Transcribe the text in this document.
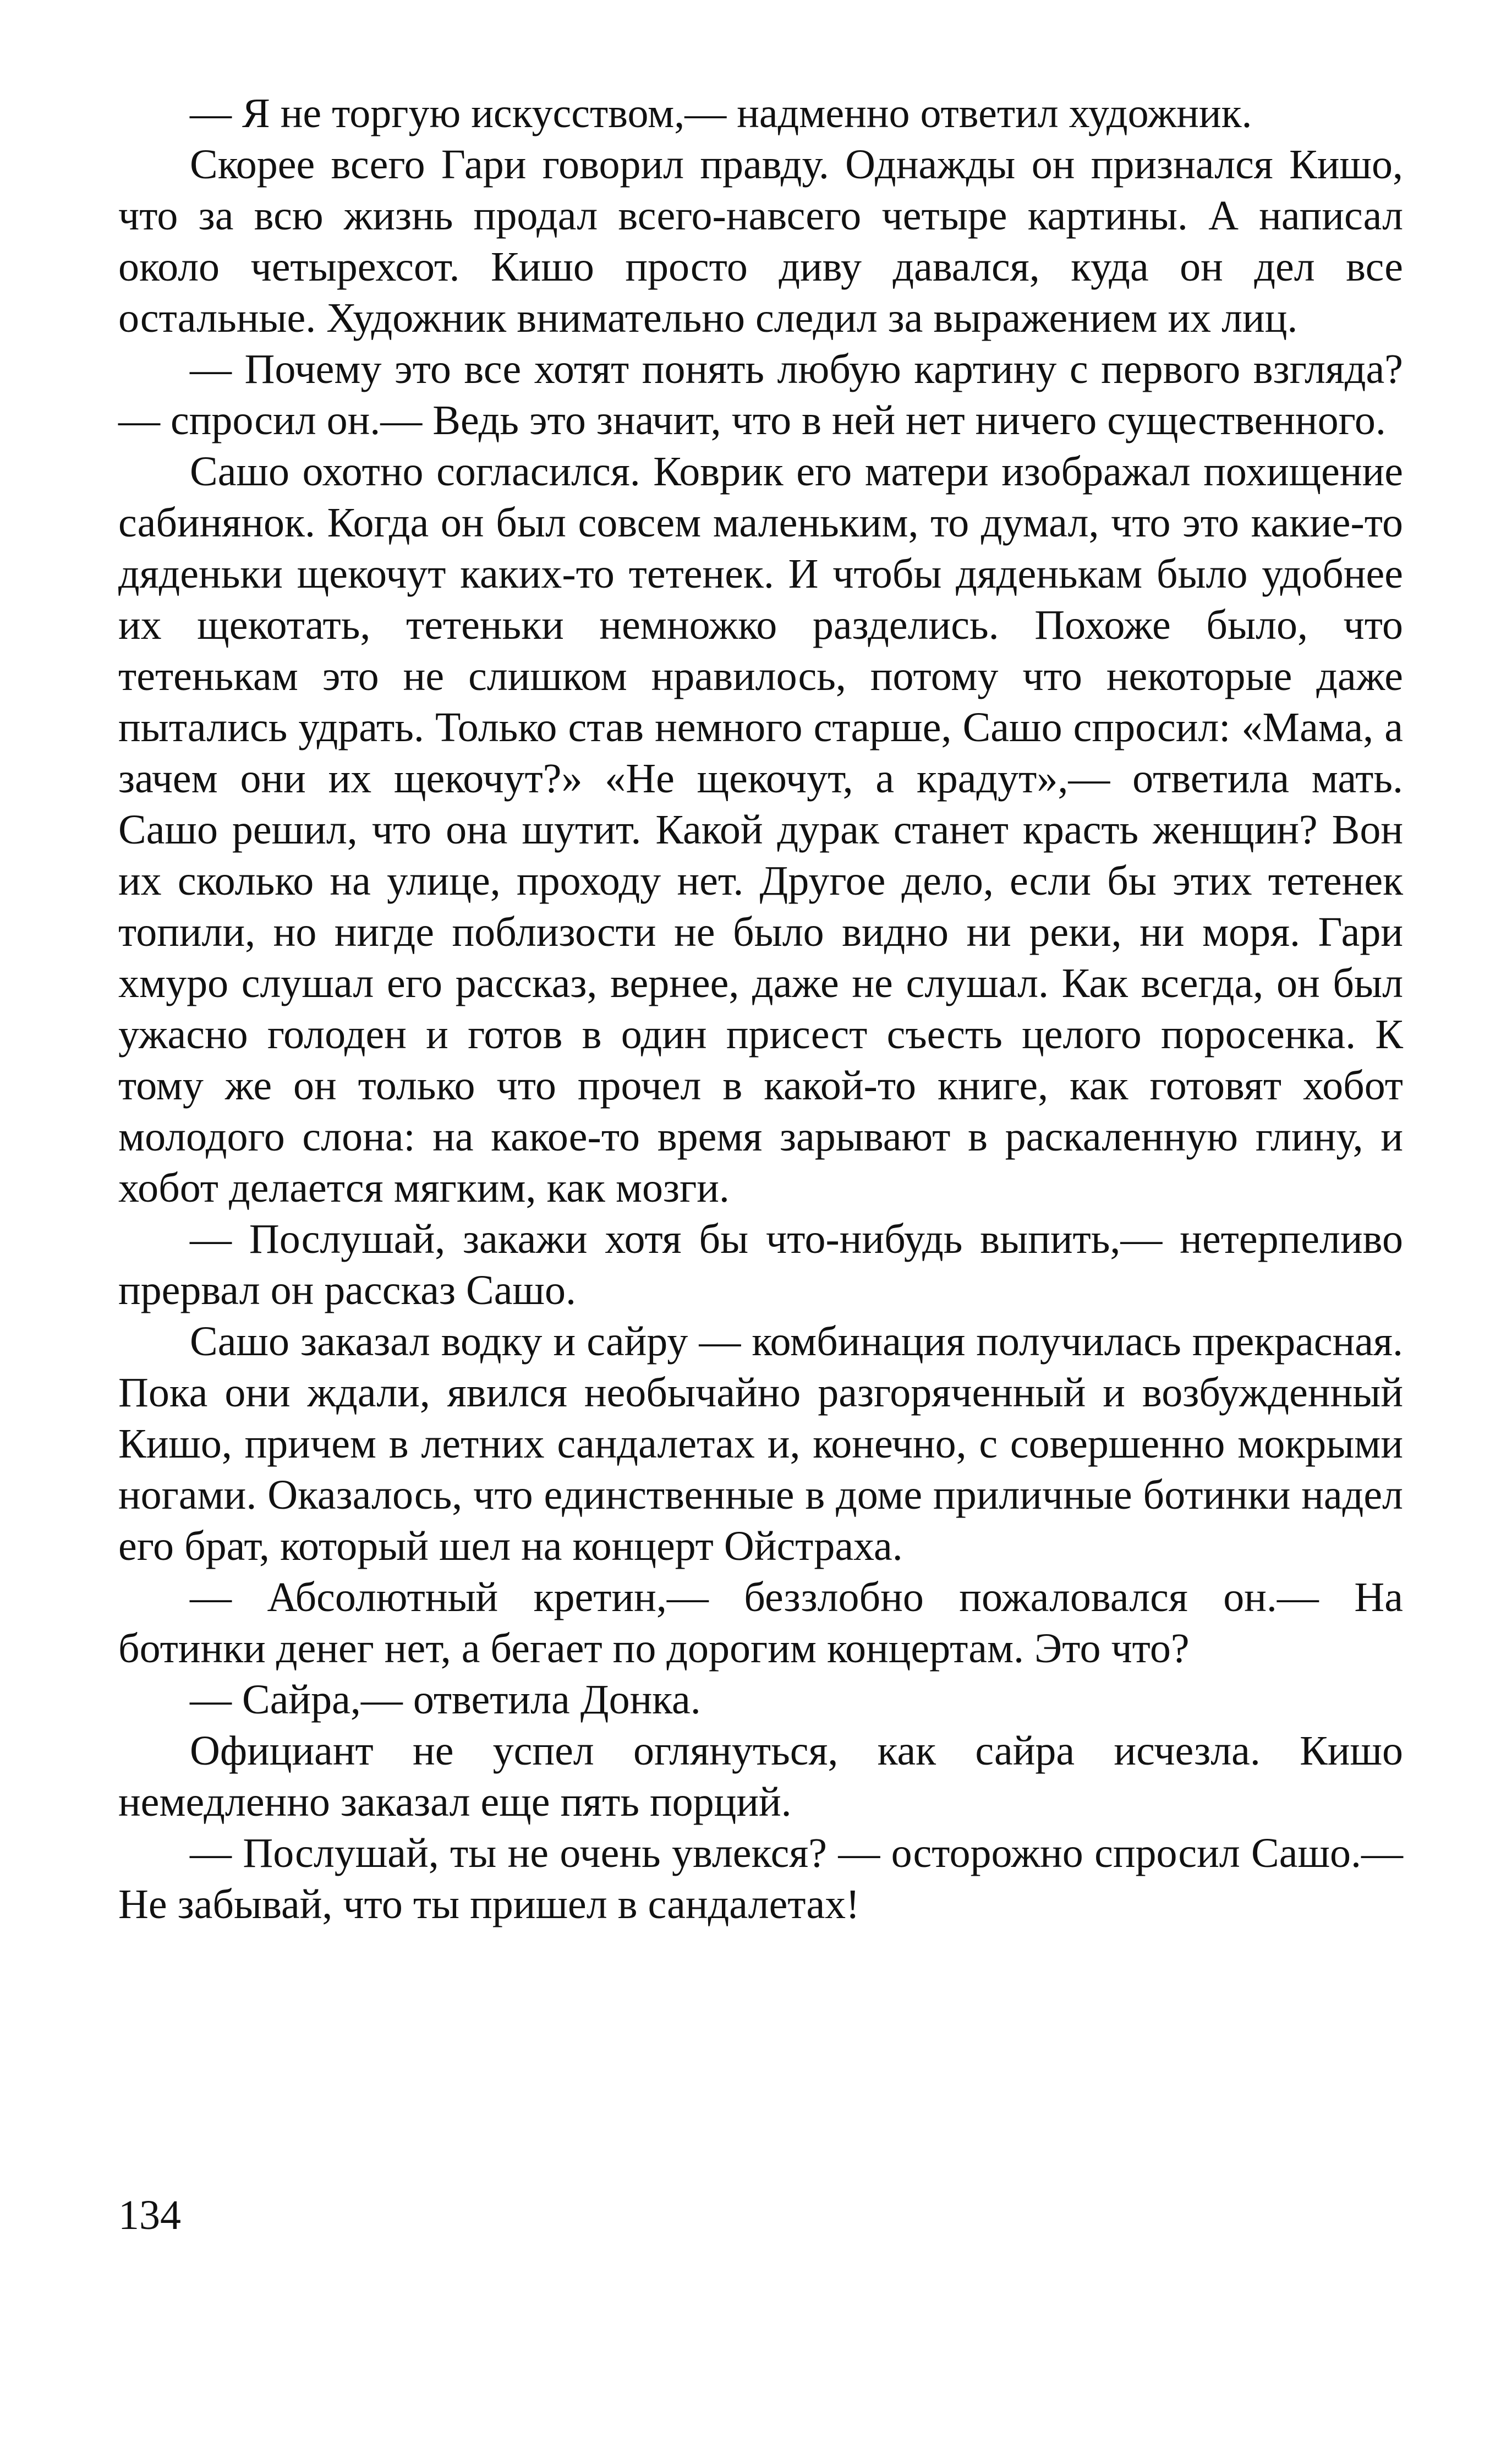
— Я не торгую искусством,— надменно ответил художник.

Скорее всего Гари говорил правду. Однажды он признался Кишо, что за всю жизнь продал всего-навсего четыре картины. А написал около четырехсот. Кишо просто диву давался, куда он дел все остальные. Художник внимательно следил за выражением их лиц.

— Почему это все хотят понять любую картину с первого взгляда? — спросил он.— Ведь это значит, что в ней нет ничего существенного.

Сашо охотно согласился. Коврик его матери изображал похищение сабинянок. Когда он был совсем маленьким, то думал, что это какие-то дяденьки щекочут каких-то тетенек. И чтобы дяденькам было удобнее их щекотать, тетеньки немножко разделись. Похоже было, что тетенькам это не слишком нравилось, потому что некоторые даже пытались удрать. Только став немного старше, Сашо спросил: «Мама, а зачем они их щекочут?» «Не щекочут, а крадут»,— ответила мать. Сашо решил, что она шутит. Какой дурак станет красть женщин? Вон их сколько на улице, проходу нет. Другое дело, если бы этих тетенек топили, но нигде поблизости не было видно ни реки, ни моря. Гари хмуро слушал его рассказ, вернее, даже не слушал. Как всегда, он был ужасно голоден и готов в один присест съесть целого поросенка. К тому же он только что прочел в какой-то книге, как готовят хобот молодого слона: на какое-то время зарывают в раскаленную глину, и хобот делается мягким, как мозги.

— Послушай, закажи хотя бы что-нибудь выпить,— нетерпеливо прервал он рассказ Сашо.

Сашо заказал водку и сайру — комбинация получилась прекрасная. Пока они ждали, явился необычайно разгоряченный и возбужденный Кишо, причем в летних сандалетах и, конечно, с совершенно мокрыми ногами. Оказалось, что единственные в доме приличные ботинки надел его брат, который шел на концерт Ойстраха.

— Абсолютный кретин,— беззлобно пожаловался он.— На ботинки денег нет, а бегает по дорогим концертам. Это что?

— Сайра,— ответила Донка.

Официант не успел оглянуться, как сайра исчезла. Кишо немедленно заказал еще пять порций.

— Послушай, ты не очень увлекся? — осторожно спросил Сашо.— Не забывай, что ты пришел в сандалетах!

134
